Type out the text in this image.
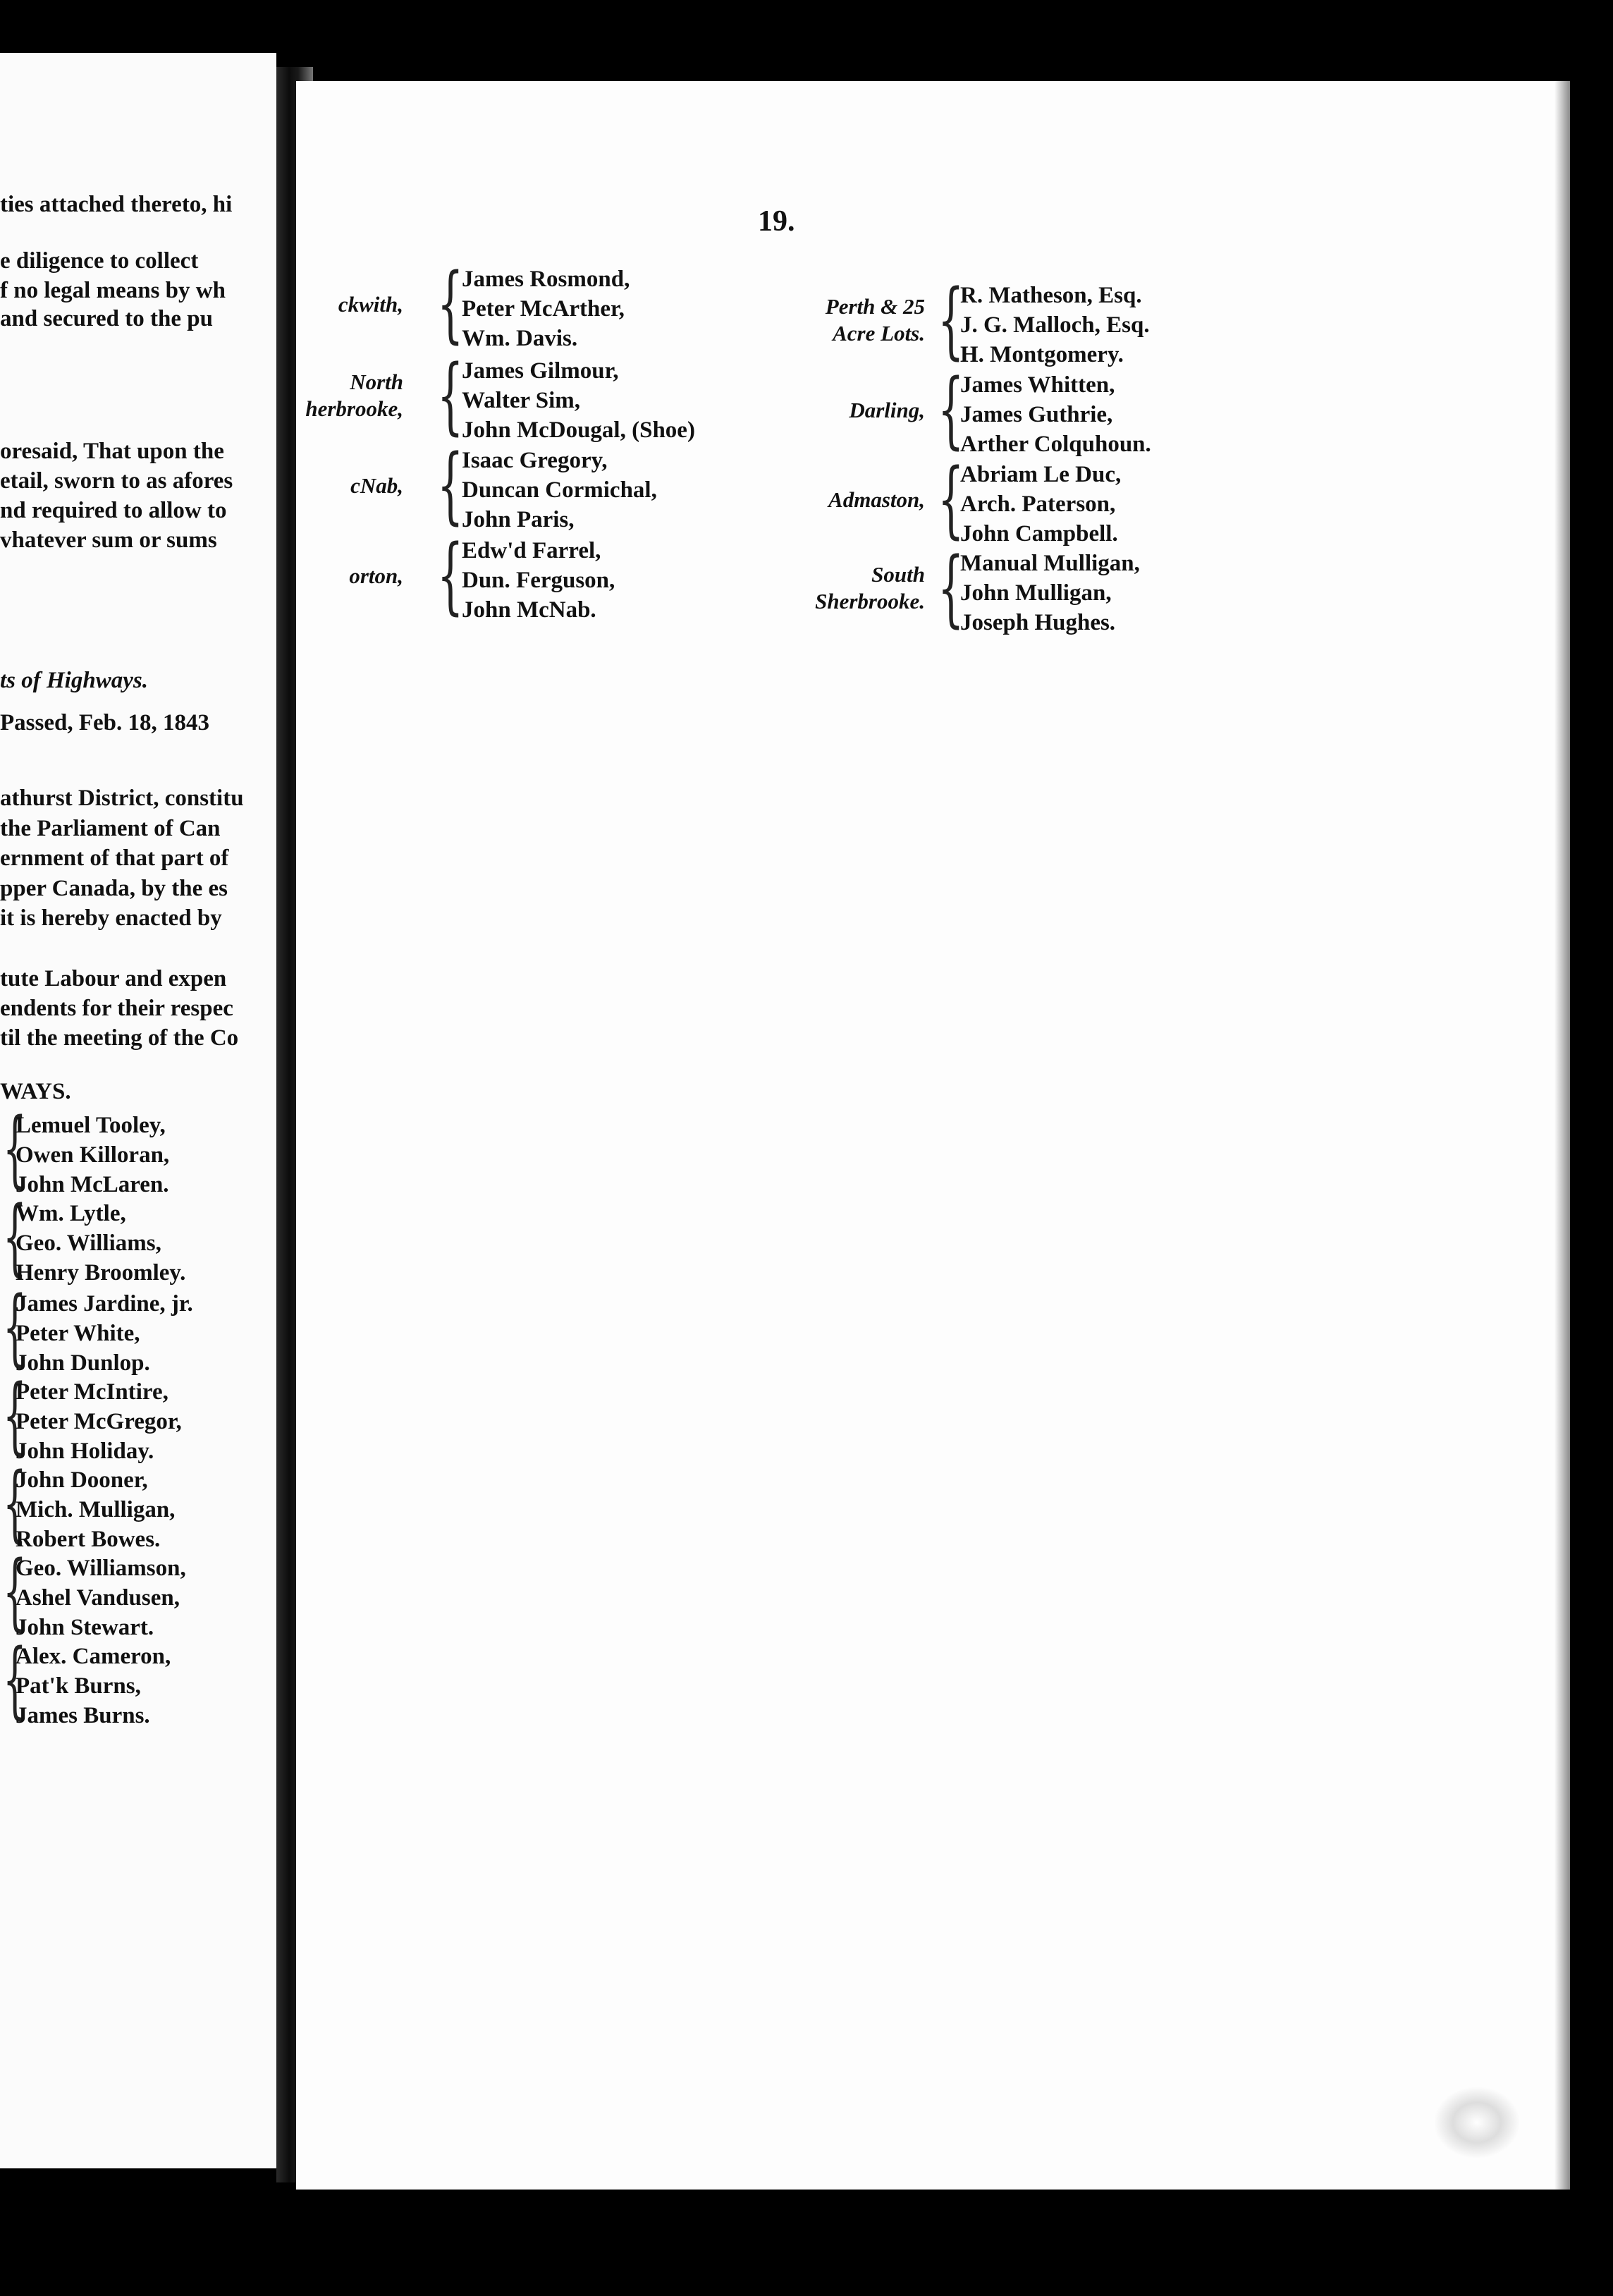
ties attached thereto, hi
e diligence to collect
f no legal means by wh
and secured to the pu
oresaid, That upon the
etail, sworn to as afores
nd required to allow to
vhatever sum or sums
ts of Highways.
Passed, Feb. 18, 1843
athurst District, constitu
the Parliament of Can
ernment of that part of
pper Canada, by the es
it is hereby enacted by
tute Labour and expen
endents for their respec
til the meeting of the Co
WAYS.
{
Lemuel Tooley,
Owen Killoran,
John McLaren.
{
Wm. Lytle,
Geo. Williams,
Henry Broomley.
{
James Jardine, jr.
Peter White,
John Dunlop.
{
Peter McIntire,
Peter McGregor,
John Holiday.
{
John Dooner,
Mich. Mulligan,
Robert Bowes.
{
Geo. Williamson,
Ashel Vandusen,
John Stewart.
{
Alex. Cameron,
Pat'k Burns,
James Burns.
19.
ckwith, {
James Rosmond,
Peter McArther,
Wm. Davis.
North
herbrooke, {
James Gilmour,
Walter Sim,
John McDougal, (Shoe)
cNab, {
Isaac Gregory,
Duncan Cormichal,
John Paris,
orton, {
Edw'd Farrel,
Dun. Ferguson,
John McNab.
Perth & 25
Acre Lots. {
R. Matheson, Esq.
J. G. Malloch, Esq.
H. Montgomery.
Darling, {
James Whitten,
James Guthrie,
Arther Colquhoun.
Admaston, {
Abriam Le Duc,
Arch. Paterson,
John Campbell.
South
Sherbrooke. {
Manual Mulligan,
John Mulligan,
Joseph Hughes.
